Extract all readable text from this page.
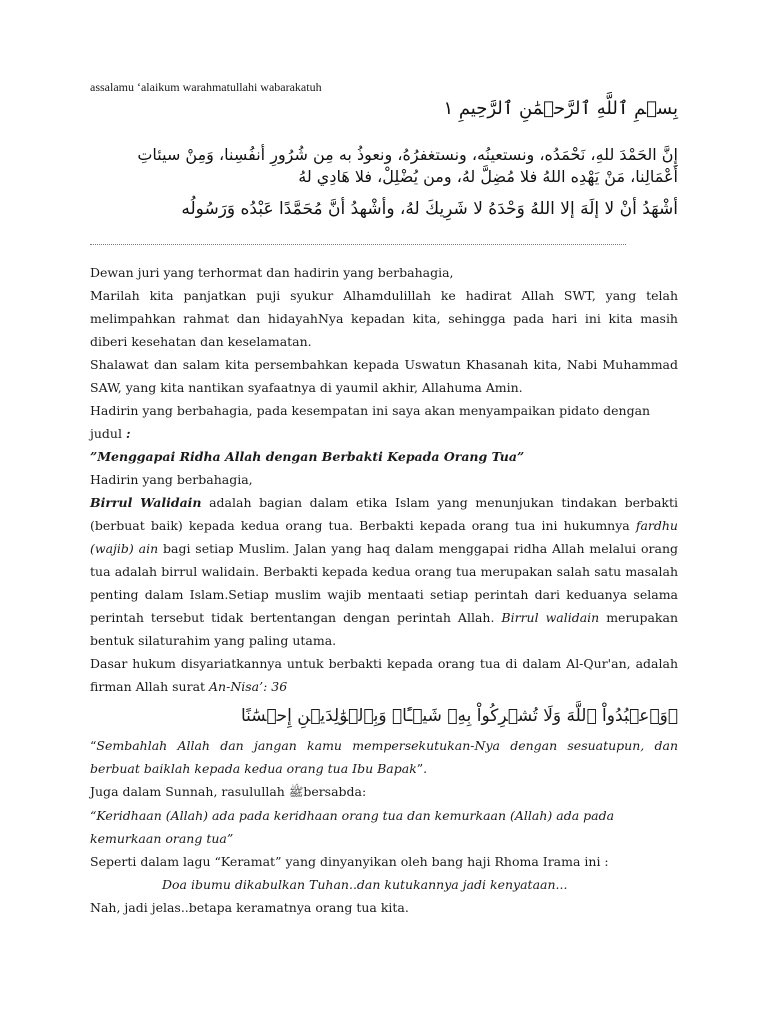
assalamu ‘alaikum warahmatullahi wabarakatuh
بِسۡمِ ٱللَّهِ ٱلرَّحۡمَٰنِ ٱلرَّحِيمِ ١
إِنَّ الحَمْدَ للهِ، نَحْمَدُه، ونستعينُه، ونستغفرُهُ، ونعوذُ به مِن شُرُورِ أنفُسِنا، وَمِنْ سيئاتِ أعْمَالِنا، مَنْ يَهْدِه اللهُ فلا مُضِلَّ لهُ، ومن يُضْلِلْ، فلا هَادِي لهُ
أشْهَدُ أنْ لا إلَهَ إلا اللهُ وَحْدَهُ لا شَرِيكَ لهُ، وأشْهدُ أنَّ مُحَمَّدًا عَبْدُه وَرَسُولُه

Dewan juri yang terhormat dan hadirin yang berbahagia,

Marilah kita panjatkan puji syukur Alhamdulillah ke hadirat Allah SWT, yang telah melimpahkan rahmat dan hidayahNya kepadan kita, sehingga pada hari ini kita masih diberi kesehatan dan keselamatan.

Shalawat dan salam kita persembahkan kepada Uswatun Khasanah kita, Nabi Muhammad SAW, yang kita nantikan syafaatnya di yaumil akhir, Allahuma Amin.

Hadirin yang berbahagia, pada kesempatan ini saya akan menyampaikan pidato dengan judul :

”Menggapai Ridha Allah dengan Berbakti Kepada Orang Tua”

Hadirin yang berbahagia,

Birrul Walidain adalah bagian dalam etika Islam yang menunjukan tindakan berbakti (berbuat baik) kepada kedua orang tua. Berbakti kepada orang tua ini hukumnya fardhu (wajib) ain bagi setiap Muslim. Jalan yang haq dalam menggapai ridha Allah melalui orang tua adalah birrul walidain. Berbakti kepada kedua orang tua merupakan salah satu masalah penting dalam Islam.Setiap muslim wajib mentaati setiap perintah dari keduanya selama perintah tersebut tidak bertentangan dengan perintah Allah. Birrul walidain merupakan bentuk silaturahim yang paling utama.

Dasar hukum disyariatkannya untuk berbakti kepada orang tua di dalam Al-Qur'an, adalah firman Allah surat An-Nisa’: 36

۞وَٱعۡبُدُواْ ٱللَّهَ وَلَا تُشۡرِكُواْ بِهِۦ شَيۡـًٔاۖ وَبِٱلۡوَٰلِدَيۡنِ إِحۡسَٰنًا

“Sembahlah Allah dan jangan kamu mempersekutukan-Nya dengan sesuatupun, dan berbuat baiklah kepada kedua orang tua Ibu Bapak”.

Juga dalam Sunnah, rasulullah ﷺbersabda:

“Keridhaan (Allah) ada pada keridhaan orang tua dan kemurkaan (Allah) ada pada kemurkaan orang tua”

Seperti dalam lagu “Keramat” yang dinyanyikan oleh bang haji Rhoma Irama ini :

Doa ibumu dikabulkan Tuhan..dan kutukannya jadi kenyataan...

Nah, jadi jelas..betapa keramatnya orang tua kita.
